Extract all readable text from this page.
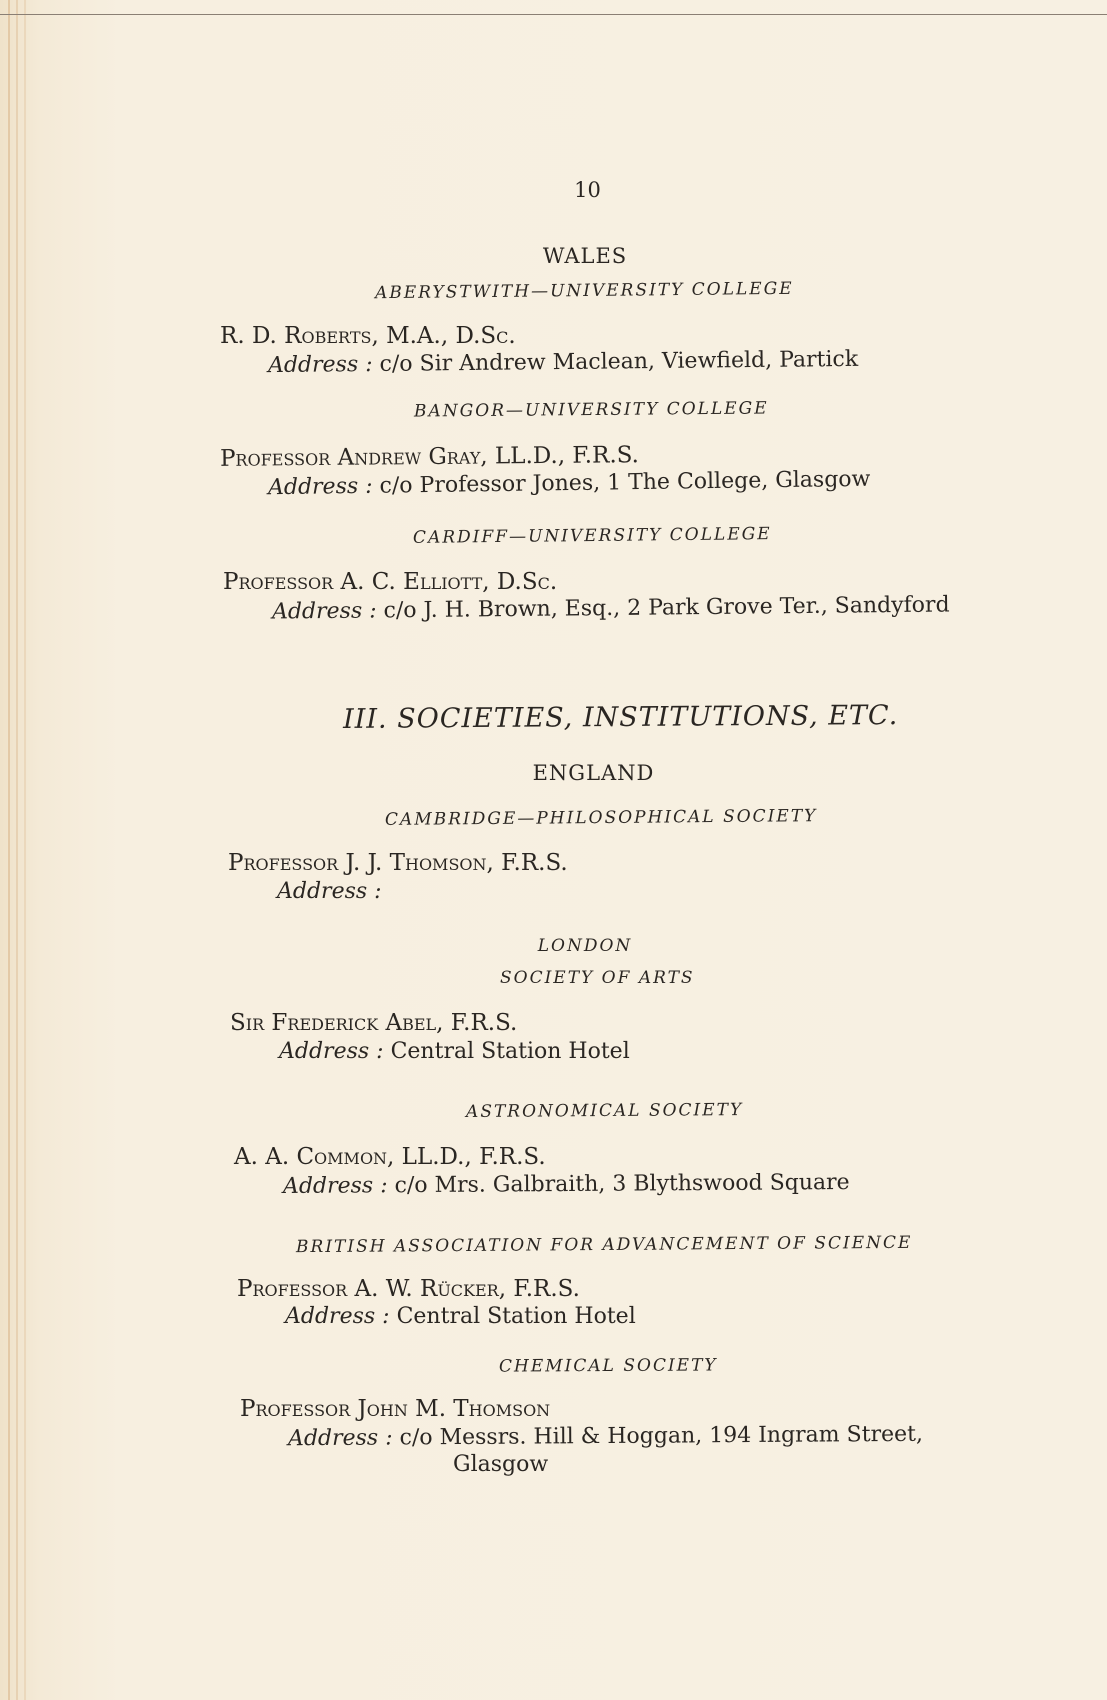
10
WALES
ABERYSTWITH—UNIVERSITY COLLEGE
R. D. Roberts, M.A., D.Sc.
Address : c/o Sir Andrew Maclean, Viewfield, Partick
BANGOR—UNIVERSITY COLLEGE
Professor Andrew Gray, LL.D., F.R.S.
Address : c/o Professor Jones, 1 The College, Glasgow
CARDIFF—UNIVERSITY COLLEGE
Professor A. C. Elliott, D.Sc.
Address : c/o J. H. Brown, Esq., 2 Park Grove Ter., Sandyford
III. SOCIETIES, INSTITUTIONS, ETC.
ENGLAND
CAMBRIDGE—PHILOSOPHICAL SOCIETY
Professor J. J. Thomson, F.R.S.
Address :
LONDON
SOCIETY OF ARTS
Sir Frederick Abel, F.R.S.
Address : Central Station Hotel
ASTRONOMICAL SOCIETY
A. A. Common, LL.D., F.R.S.
Address : c/o Mrs. Galbraith, 3 Blythswood Square
BRITISH ASSOCIATION FOR ADVANCEMENT OF SCIENCE
Professor A. W. Rücker, F.R.S.
Address : Central Station Hotel
CHEMICAL SOCIETY
Professor John M. Thomson
Address : c/o Messrs. Hill & Hoggan, 194 Ingram Street,
Glasgow
